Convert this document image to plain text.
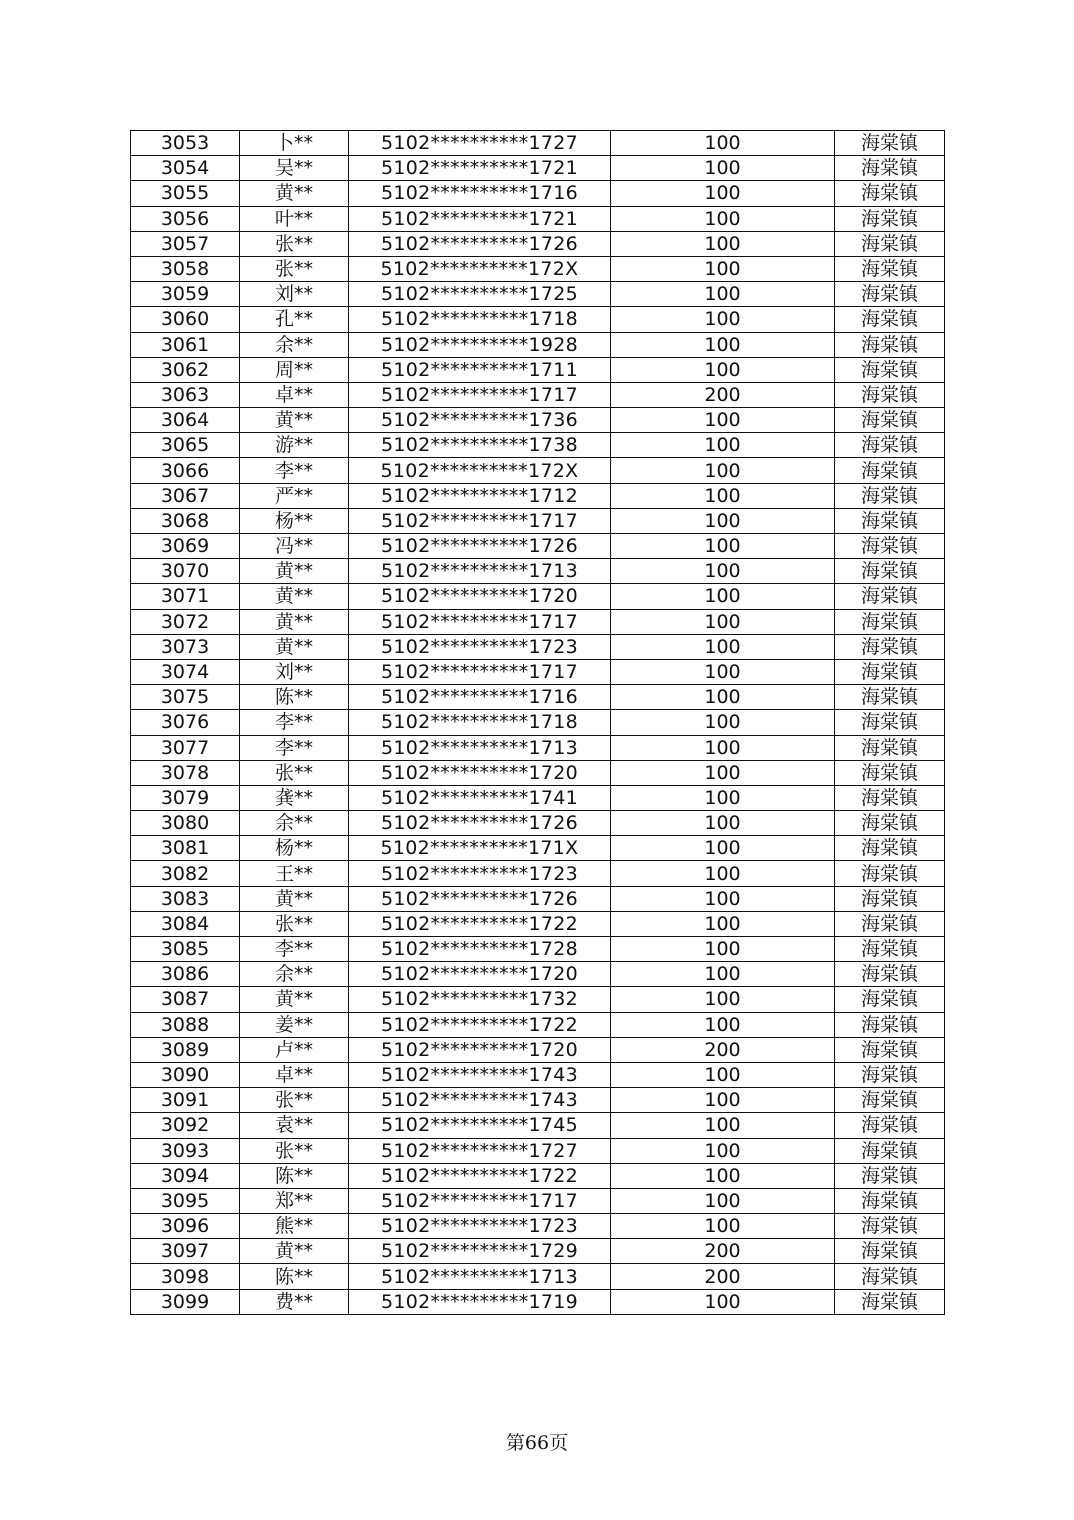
3053	卜**	5102**********1727	100	海棠镇
3054	吴**	5102**********1721	100	海棠镇
3055	黄**	5102**********1716	100	海棠镇
3056	叶**	5102**********1721	100	海棠镇
3057	张**	5102**********1726	100	海棠镇
3058	张**	5102**********172X	100	海棠镇
3059	刘**	5102**********1725	100	海棠镇
3060	孔**	5102**********1718	100	海棠镇
3061	余**	5102**********1928	100	海棠镇
3062	周**	5102**********1711	100	海棠镇
3063	卓**	5102**********1717	200	海棠镇
3064	黄**	5102**********1736	100	海棠镇
3065	游**	5102**********1738	100	海棠镇
3066	李**	5102**********172X	100	海棠镇
3067	严**	5102**********1712	100	海棠镇
3068	杨**	5102**********1717	100	海棠镇
3069	冯**	5102**********1726	100	海棠镇
3070	黄**	5102**********1713	100	海棠镇
3071	黄**	5102**********1720	100	海棠镇
3072	黄**	5102**********1717	100	海棠镇
3073	黄**	5102**********1723	100	海棠镇
3074	刘**	5102**********1717	100	海棠镇
3075	陈**	5102**********1716	100	海棠镇
3076	李**	5102**********1718	100	海棠镇
3077	李**	5102**********1713	100	海棠镇
3078	张**	5102**********1720	100	海棠镇
3079	龚**	5102**********1741	100	海棠镇
3080	余**	5102**********1726	100	海棠镇
3081	杨**	5102**********171X	100	海棠镇
3082	王**	5102**********1723	100	海棠镇
3083	黄**	5102**********1726	100	海棠镇
3084	张**	5102**********1722	100	海棠镇
3085	李**	5102**********1728	100	海棠镇
3086	余**	5102**********1720	100	海棠镇
3087	黄**	5102**********1732	100	海棠镇
3088	姜**	5102**********1722	100	海棠镇
3089	卢**	5102**********1720	200	海棠镇
3090	卓**	5102**********1743	100	海棠镇
3091	张**	5102**********1743	100	海棠镇
3092	袁**	5102**********1745	100	海棠镇
3093	张**	5102**********1727	100	海棠镇
3094	陈**	5102**********1722	100	海棠镇
3095	郑**	5102**********1717	100	海棠镇
3096	熊**	5102**********1723	100	海棠镇
3097	黄**	5102**********1729	200	海棠镇
3098	陈**	5102**********1713	200	海棠镇
3099	费**	5102**********1719	100	海棠镇
第66页
